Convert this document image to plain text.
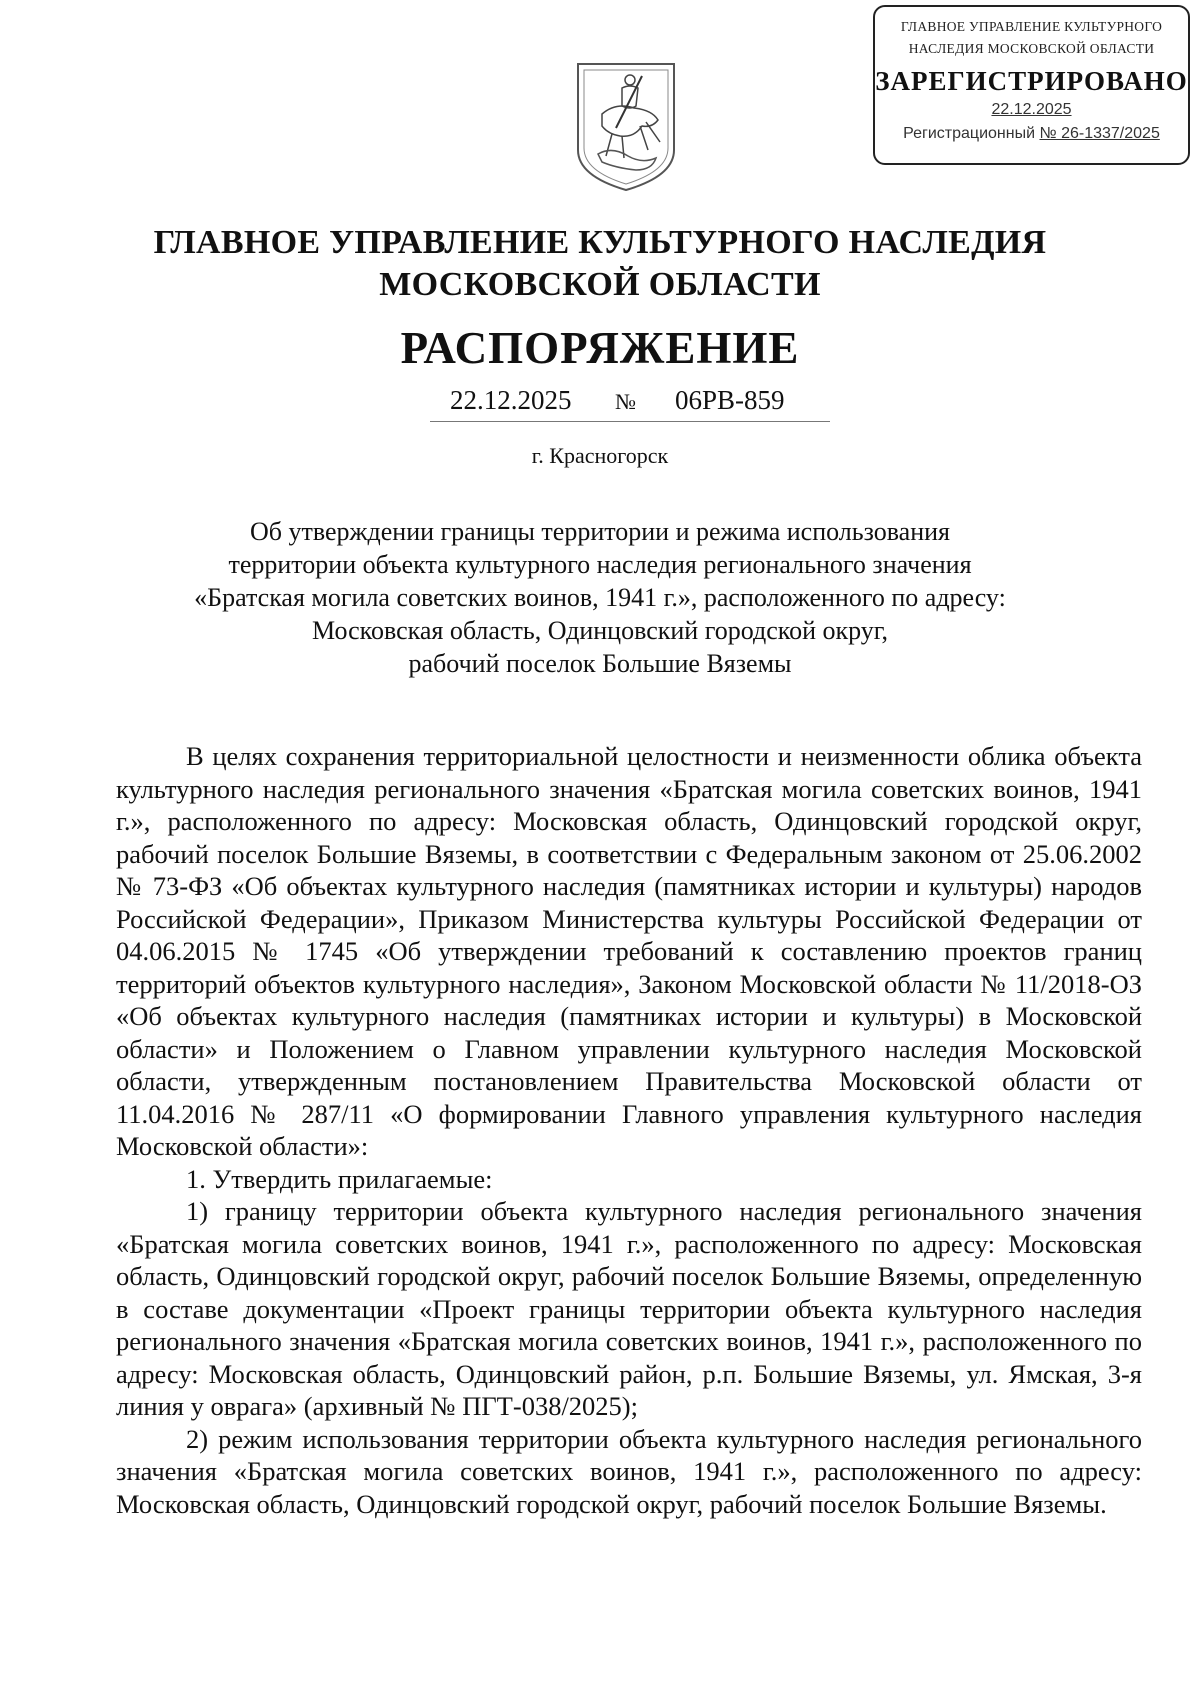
ГЛАВНОЕ УПРАВЛЕНИЕ КУЛЬТУРНОГО
НАСЛЕДИЯ МОСКОВСКОЙ ОБЛАСТИ
ЗАРЕГИСТРИРОВАНО
22.12.2025
Регистрационный № 26-1337/2025
ГЛАВНОЕ УПРАВЛЕНИЕ КУЛЬТУРНОГО НАСЛЕДИЯ
МОСКОВСКОЙ ОБЛАСТИ
РАСПОРЯЖЕНИЕ
22.12.2025 № 06РВ-859
г. Красногорск
Об утверждении границы территории и режима использования
территории объекта культурного наследия регионального значения
«Братская могила советских воинов, 1941 г.», расположенного по адресу:
Московская область, Одинцовский городской округ,
рабочий поселок Большие Вяземы

В целях сохранения территориальной целостности и неизменности облика объекта культурного наследия регионального значения «Братская могила советских воинов, 1941 г.», расположенного по адресу: Московская область, Одинцовский городской округ, рабочий поселок Большие Вяземы, в соответствии с Федеральным законом от 25.06.2002 № 73-ФЗ «Об объектах культурного наследия (памятниках истории и культуры) народов Российской Федерации», Приказом Министерства культуры Российской Федерации от 04.06.2015 № 1745 «Об утверждении требований к составлению проектов границ территорий объектов культурного наследия», Законом Московской области № 11/2018-ОЗ «Об объектах культурного наследия (памятниках истории и культуры) в Московской области» и Положением о Главном управлении культурного наследия Московской области, утвержденным постановлением Правительства Московской области от 11.04.2016 № 287/11 «О формировании Главного управления культурного наследия Московской области»:

1. Утвердить прилагаемые:

1) границу территории объекта культурного наследия регионального значения «Братская могила советских воинов, 1941 г.», расположенного по адресу: Московская область, Одинцовский городской округ, рабочий поселок Большие Вяземы, определенную в составе документации «Проект границы территории объекта культурного наследия регионального значения «Братская могила советских воинов, 1941 г.», расположенного по адресу: Московская область, Одинцовский район, р.п. Большие Вяземы, ул. Ямская, 3-я линия у оврага» (архивный № ПГТ-038/2025);

2) режим использования территории объекта культурного наследия регионального значения «Братская могила советских воинов, 1941 г.», расположенного по адресу: Московская область, Одинцовский городской округ, рабочий поселок Большие Вяземы.
